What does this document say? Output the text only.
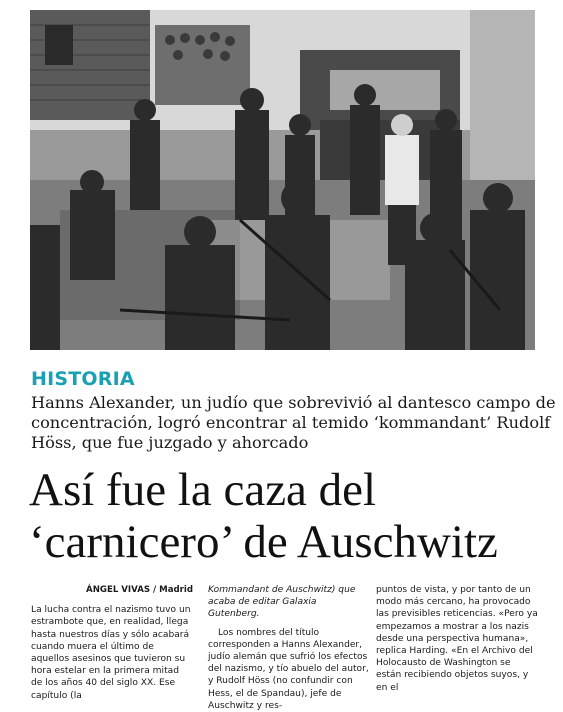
HISTORIA
Hanns Alexander, un judío que sobrevivió al dantesco campo de concentración, logró encontrar al temido ‘kommandant’ Rudolf Höss, que fue juzgado y ahorcado
Así fue la caza del
‘carnicero’ de Auschwitz

ÁNGEL VIVAS / Madrid

La lucha contra el nazismo tuvo un estrambote que, en realidad, llega hasta nuestros días y sólo acabará cuando muera el último de aquellos asesinos que tuvieron su hora estelar en la primera mitad de los años 40 del siglo XX. Ese capítulo (la

Kommandant de Auschwitz) que acaba de editar Galaxia Gutenberg.

Los nombres del título corresponden a Hanns Alexander, judío alemán que sufrió los efectos del nazismo, y tío abuelo del autor, y Rudolf Höss (no confundir con Hess, el de Spandau), jefe de Auschwitz y res-

puntos de vista, y por tanto de un modo más cercano, ha provocado las previsibles reticencias. «Pero ya empezamos a mostrar a los nazis desde una perspectiva humana», replica Harding. «En el Archivo del Holocausto de Washington se están recibiendo objetos suyos, y en el
